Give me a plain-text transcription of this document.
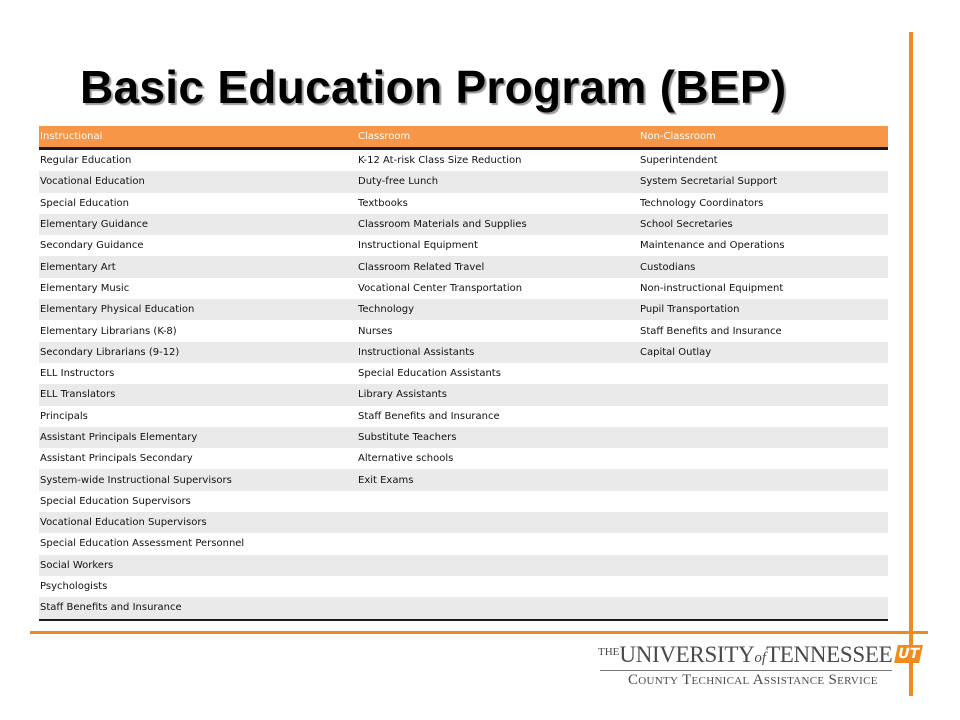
Basic Education Program (BEP)
Instructional	Classroom	Non-Classroom
Regular Education	K-12 At-risk Class Size Reduction	Superintendent
Vocational Education	Duty-free Lunch	System Secretarial Support
Special Education	Textbooks	Technology Coordinators
Elementary Guidance	Classroom Materials and Supplies	School Secretaries
Secondary Guidance	Instructional Equipment	Maintenance and Operations
Elementary Art	Classroom Related Travel	Custodians
Elementary Music	Vocational Center Transportation	Non-instructional Equipment
Elementary Physical Education	Technology	Pupil Transportation
Elementary Librarians (K-8)	Nurses	Staff Benefits and Insurance
Secondary Librarians (9-12)	Instructional Assistants	Capital Outlay
ELL Instructors	Special Education Assistants	
ELL Translators	Library Assistants	
Principals	Staff Benefits and Insurance	
Assistant Principals Elementary	Substitute Teachers	
Assistant Principals Secondary	Alternative schools	
System-wide Instructional Supervisors	Exit Exams	
Special Education Supervisors		
Vocational Education Supervisors		
Special Education Assessment Personnel		
Social Workers		
Psychologists		
Staff Benefits and Insurance		
$^{THE}$UNIVERSITYofTENNESSEE UT
County Technical Assistance Service
